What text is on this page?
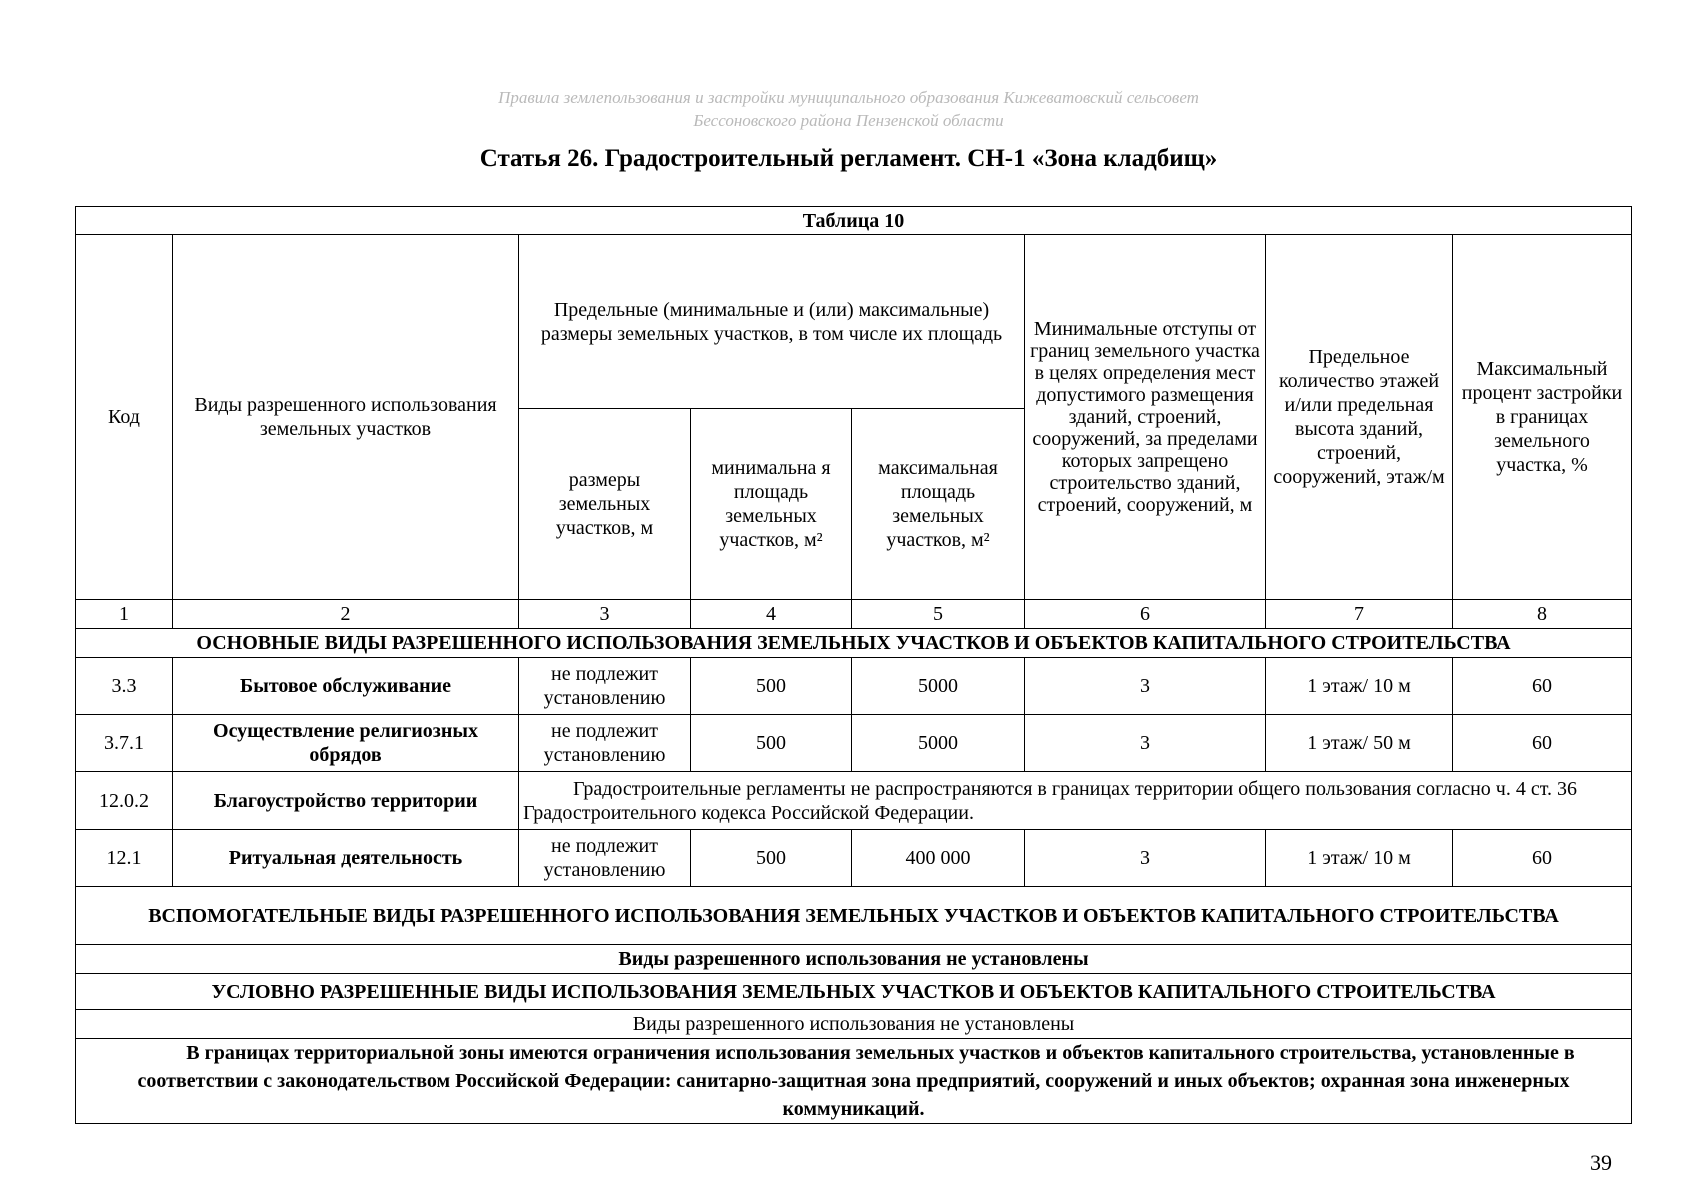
Правила землепользования и застройки муниципального образования Кижеватовский сельсовет
Бессоновского района Пензенской области
Статья 26. Градостроительный регламент. СН-1 «Зона кладбищ»
Таблица 10							
Код	Виды разрешенного использования земельных участков	Предельные (минимальные и (или) максимальные) размеры земельных участков, в том числе их площадь			Минимальные отступы от границ земельного участка в целях определения мест допустимого размещения зданий, строений, сооружений, за пределами которых запрещено строительство зданий, строений, сооружений, м	Предельное количество этажей и/или предельная высота зданий, строений, сооружений, этаж/м	Максимальный процент застройки в границах земельного участка, %
		размеры земельных участков, м	минимальна я площадь земельных участков, м²	максимальная площадь земельных участков, м²			
1	2	3	4	5	6	7	8
ОСНОВНЫЕ ВИДЫ РАЗРЕШЕННОГО ИСПОЛЬЗОВАНИЯ ЗЕМЕЛЬНЫХ УЧАСТКОВ И ОБЪЕКТОВ КАПИТАЛЬНОГО СТРОИТЕЛЬСТВА							
3.3	Бытовое обслуживание	не подлежит установлению	500	5000	3	1 этаж/ 10 м	60
3.7.1	Осуществление религиозных обрядов	не подлежит установлению	500	5000	3	1 этаж/ 50 м	60
12.0.2	Благоустройство территории	Градостроительные регламенты не распространяются в границах территории общего пользования согласно ч. 4 ст. 36 Градостроительного кодекса Российской Федерации.					
12.1	Ритуальная деятельность	не подлежит установлению	500	400 000	3	1 этаж/ 10 м	60
ВСПОМОГАТЕЛЬНЫЕ ВИДЫ РАЗРЕШЕННОГО ИСПОЛЬЗОВАНИЯ ЗЕМЕЛЬНЫХ УЧАСТКОВ И ОБЪЕКТОВ КАПИТАЛЬНОГО СТРОИТЕЛЬСТВА							
Виды разрешенного использования не установлены							
УСЛОВНО РАЗРЕШЕННЫЕ ВИДЫ ИСПОЛЬЗОВАНИЯ ЗЕМЕЛЬНЫХ УЧАСТКОВ И ОБЪЕКТОВ КАПИТАЛЬНОГО СТРОИТЕЛЬСТВА							
Виды разрешенного использования не установлены							
В границах территориальной зоны имеются ограничения использования земельных участков и объектов капитального строительства, установленные в соответствии с законодательством Российской Федерации: санитарно-защитная зона предприятий, сооружений и иных объектов; охранная зона инженерных коммуникаций.							
39
